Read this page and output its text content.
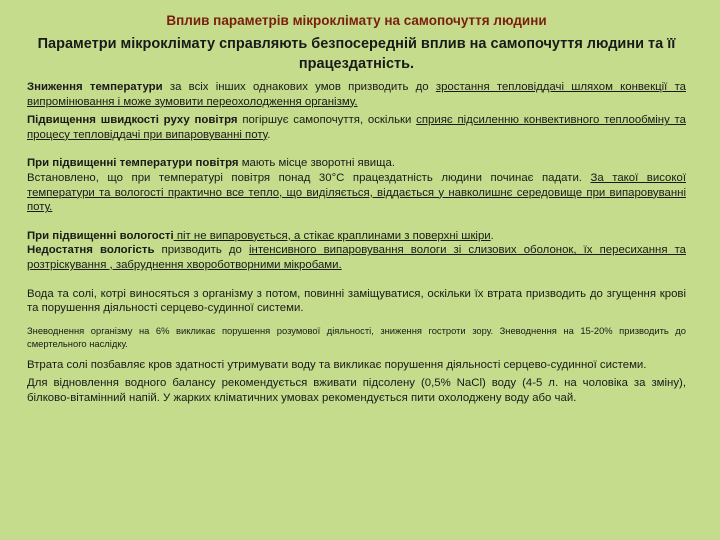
Вплив параметрів мікроклімату на самопочуття людини
Параметри мікроклімату справляють безпосередній вплив на самопочуття людини та її працездатність.

Зниження температури за всіх інших однакових умов призводить до зростання тепловіддачі шляхом конвекції та випромінювання і може зумовити переохолодження організму.

Підвищення швидкості руху повітря погіршує самопочуття, оскільки сприяє підсиленню конвективного теплообміну та процесу тепловіддачі при випаровуванні поту.

При підвищенні температури повітря мають місце зворотні явища.

Встановлено, що при температурі повітря понад 30°С працездатність людини починає падати. За такої високої температури та вологості практично все тепло, що виділяється, віддається у навколишнє середовище при випаровуванні поту.

При підвищенні вологості піт не випаровується, а стікає краплинами з поверхні шкіри.

Недостатня вологість призводить до інтенсивного випаровування вологи зі слизових оболонок, їх пересихання та розтріскування , забруднення хвороботворними мікробами.

Вода та солі, котрі виносяться з організму з потом, повинні заміщуватися, оскільки їх втрата призводить до згущення крові та порушення діяльності серцево-судинної системи.

Зневоднення організму на 6% викликає порушення розумової діяльності, зниження гостроти зору. Зневоднення на 15-20% призводить до смертельного наслідку.

Втрата солі позбавляє кров здатності утримувати воду та викликає порушення діяльності серцево-судинної системи.

Для відновлення водного балансу рекомендується вживати підсолену (0,5% NaCl) воду (4-5 л. на чоловіка за зміну), білково-вітамінний напій. У жарких кліматичних умовах рекомендується пити охолоджену воду або чай.
